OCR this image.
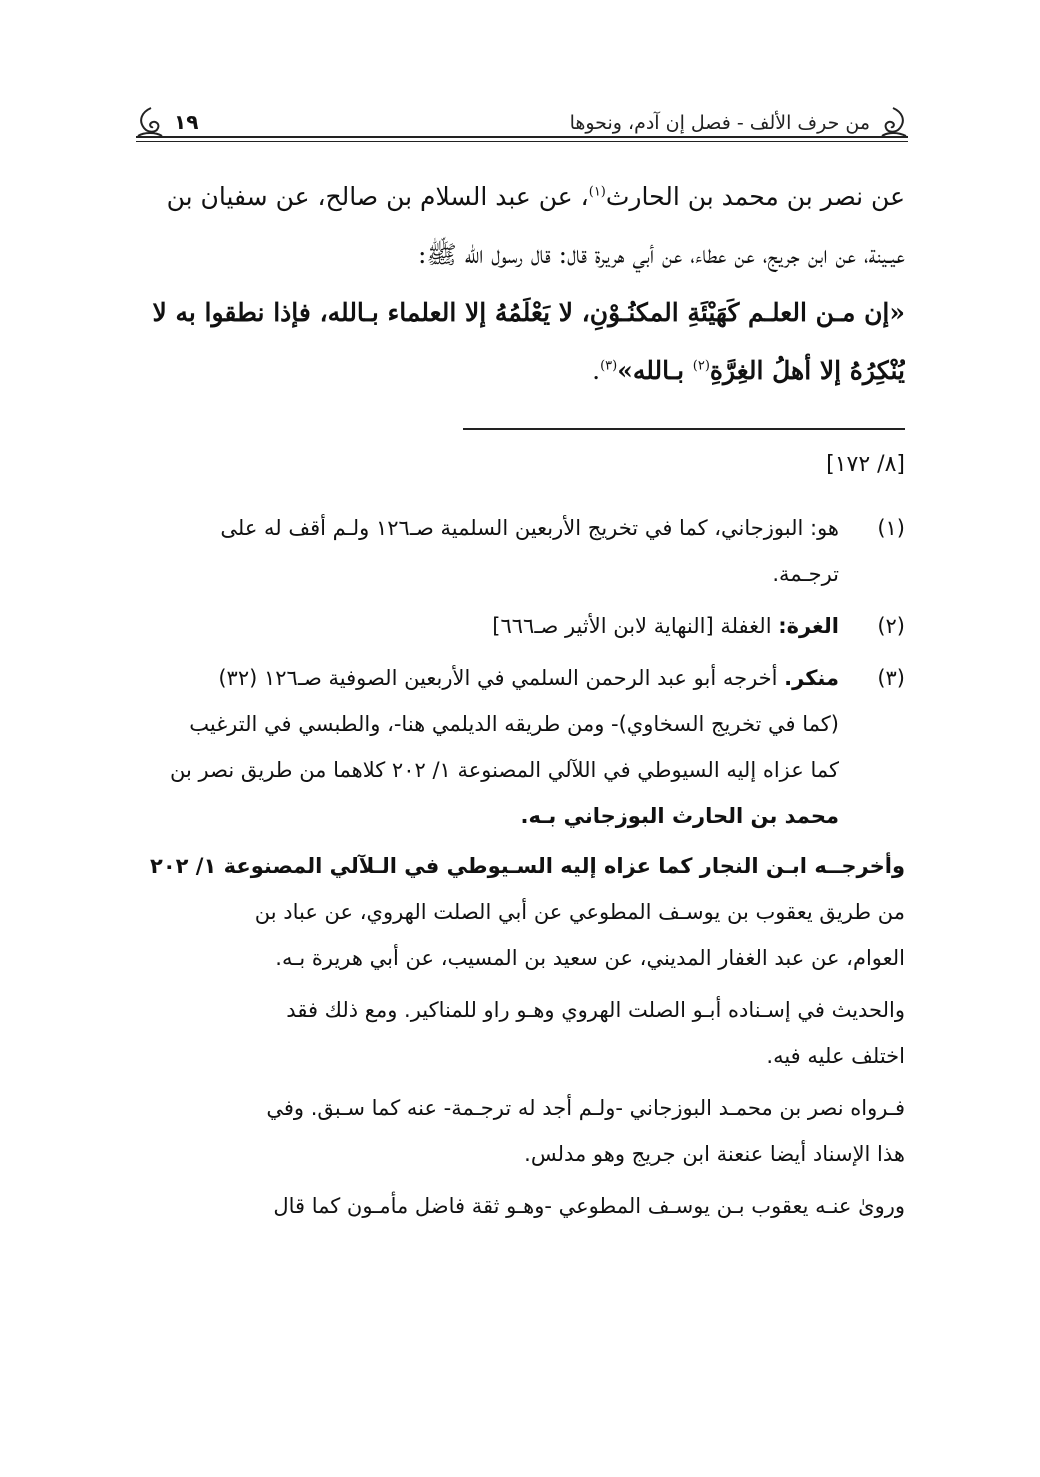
من حرف الألف - فصل إن آدم، ونحوها
١٩
عن نصر بن محمد بن الحارث$^{(١)}$، عن عبد السلام بن صالح، عن سفيان بن
عيـينة، عن ابن جريج، عن عطاء، عن أبي هريرة قال: قال رسول الله ﷺ:
«إن مـن العلـم كَهَيْئَةِ المكنُـوْنِ، لا يَعْلَمُهُ إلا العلماء بـالله، فإذا نطقوا به لا
يُنْكِرُهُ إلا أهلُ الغِرَّةِ$^{(٢)}$ بـالله»$^{(٣)}$.
[٨/ ١٧٢]
(١)
هو: البوزجاني، كما في تخريج الأربعين السلمية صـ١٢٦ ولـم أقف له على
ترجـمة.
(٢)
الغرة: الغفلة [النهاية لابن الأثير صـ٦٦٦]
(٣)
منكر. أخرجه أبو عبد الرحمن السلمي في الأربعين الصوفية صـ١٢٦ (٣٢)
(كما في تخريج السخاوي)- ومن طريقه الديلمي هنا-، والطبسي في الترغيب
كما عزاه إليه السيوطي في اللآلي المصنوعة ١/ ٢٠٢ كلاهما من طريق نصر بن
محمد بن الحارث البوزجاني بـه.
وأخرجــه ابـن النجار كما عزاه إليه السـيوطي في الـلآلي المصنوعة ١/ ٢٠٢
من طريق يعقوب بن يوسـف المطوعي عن أبي الصلت الهروي، عن عباد بن
العوام، عن عبد الغفار المديني، عن سعيد بن المسيب، عن أبي هريرة بـه.
والحديث في إسـناده أبـو الصلت الهروي وهـو راو للمناكير. ومع ذلك فقد
اختلف عليه فيه.
فـرواه نصر بن محمـد البوزجاني -ولـم أجد له ترجـمة- عنه كما سـبق. وفي
هذا الإسناد أيضا عنعنة ابن جريج وهو مدلس.
وروىٰ عنـه يعقوب بـن يوسـف المطوعي -وهـو ثقة فاضل مأمـون كما قال
